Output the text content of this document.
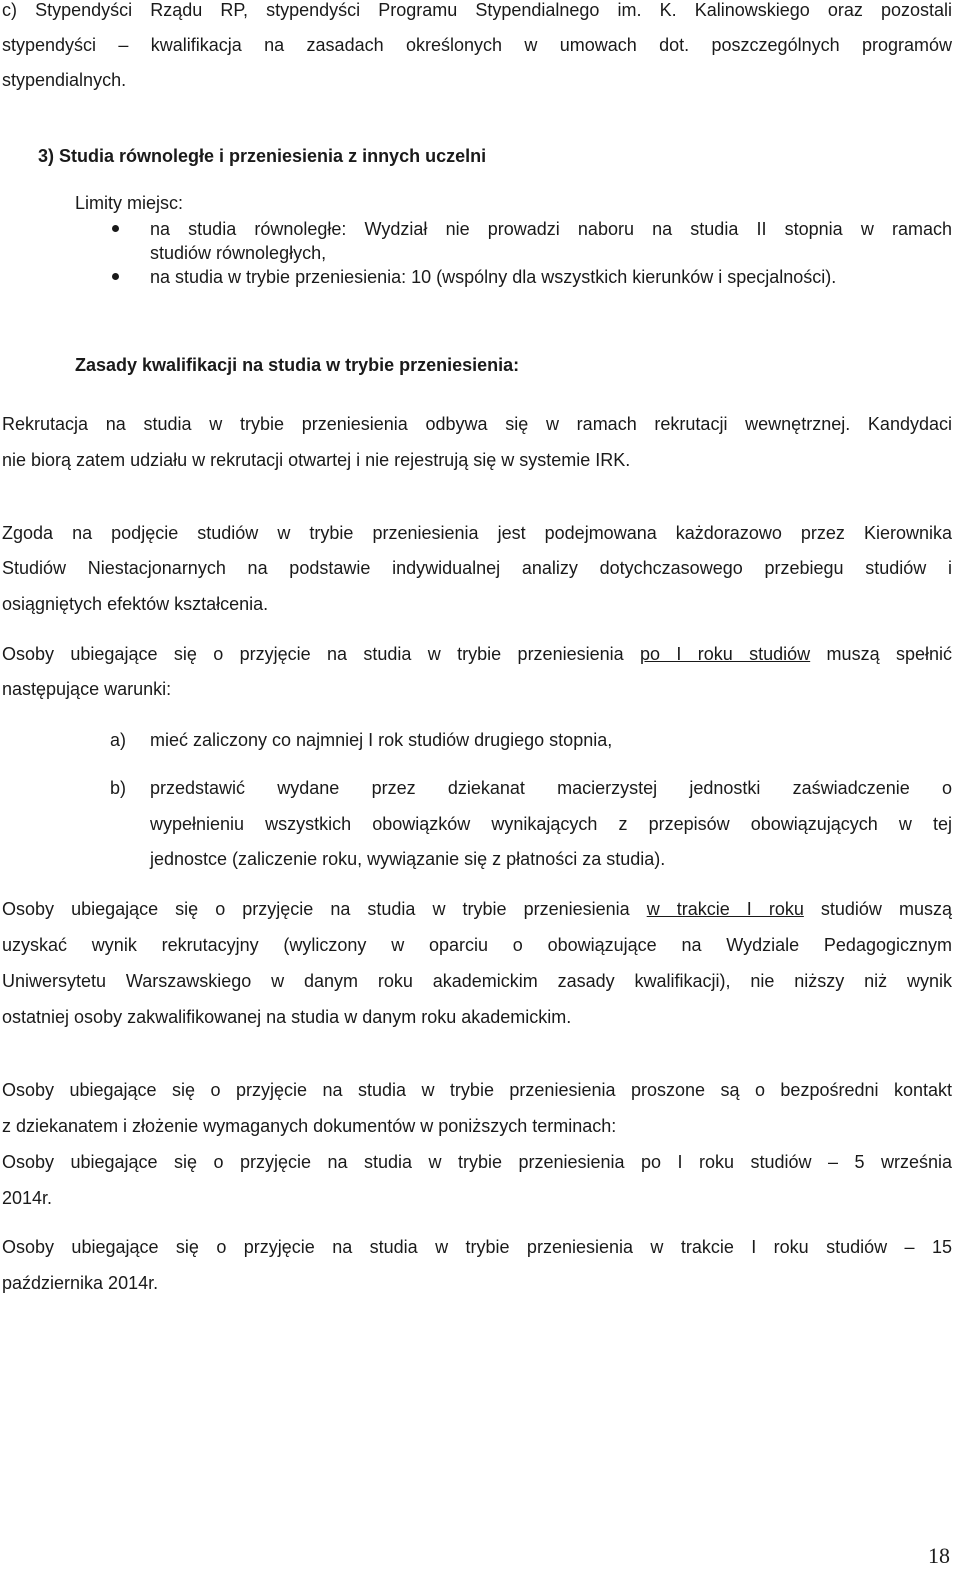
c) Stypendyści Rządu RP, stypendyści Programu Stypendialnego im. K. Kalinowskiego oraz pozostali
stypendyści – kwalifikacja na zasadach określonych w umowach dot. poszczególnych programów
stypendialnych.
3) Studia równoległe i przeniesienia z innych uczelni
Limity miejsc:
na studia równoległe: Wydział nie prowadzi naboru na studia II stopnia w ramach
studiów równoległych,
na studia w trybie przeniesienia: 10 (wspólny dla wszystkich kierunków i specjalności).
Zasady kwalifikacji na studia w trybie przeniesienia:
Rekrutacja na studia w trybie przeniesienia odbywa się w ramach rekrutacji wewnętrznej. Kandydaci
nie biorą zatem udziału w rekrutacji otwartej i nie rejestrują się w systemie IRK.
Zgoda na podjęcie studiów w trybie przeniesienia jest podejmowana każdorazowo przez Kierownika
Studiów Niestacjonarnych na podstawie indywidualnej analizy dotychczasowego przebiegu studiów i
osiągniętych efektów kształcenia.
Osoby ubiegające się o przyjęcie na studia w trybie przeniesienia po I roku studiów muszą spełnić
następujące warunki:
a)	mieć zaliczony co najmniej I rok studiów drugiego stopnia,
b)	przedstawić wydane przez dziekanat macierzystej jednostki zaświadczenie o
wypełnieniu wszystkich obowiązków wynikających z przepisów obowiązujących w tej
jednostce (zaliczenie roku, wywiązanie się z płatności za studia).
Osoby ubiegające się o przyjęcie na studia w trybie przeniesienia w trakcie I roku studiów muszą
uzyskać wynik rekrutacyjny (wyliczony w oparciu o obowiązujące na Wydziale Pedagogicznym
Uniwersytetu Warszawskiego w danym roku akademickim zasady kwalifikacji), nie niższy niż wynik
ostatniej osoby zakwalifikowanej na studia w danym roku akademickim.
Osoby ubiegające się o przyjęcie na studia w trybie przeniesienia proszone są o bezpośredni kontakt
z dziekanatem i złożenie wymaganych dokumentów w poniższych terminach:
Osoby ubiegające się o przyjęcie na studia w trybie przeniesienia po I roku studiów – 5 września
2014r.
Osoby ubiegające się o przyjęcie na studia w trybie przeniesienia w trakcie I roku studiów – 15
października 2014r.
18
